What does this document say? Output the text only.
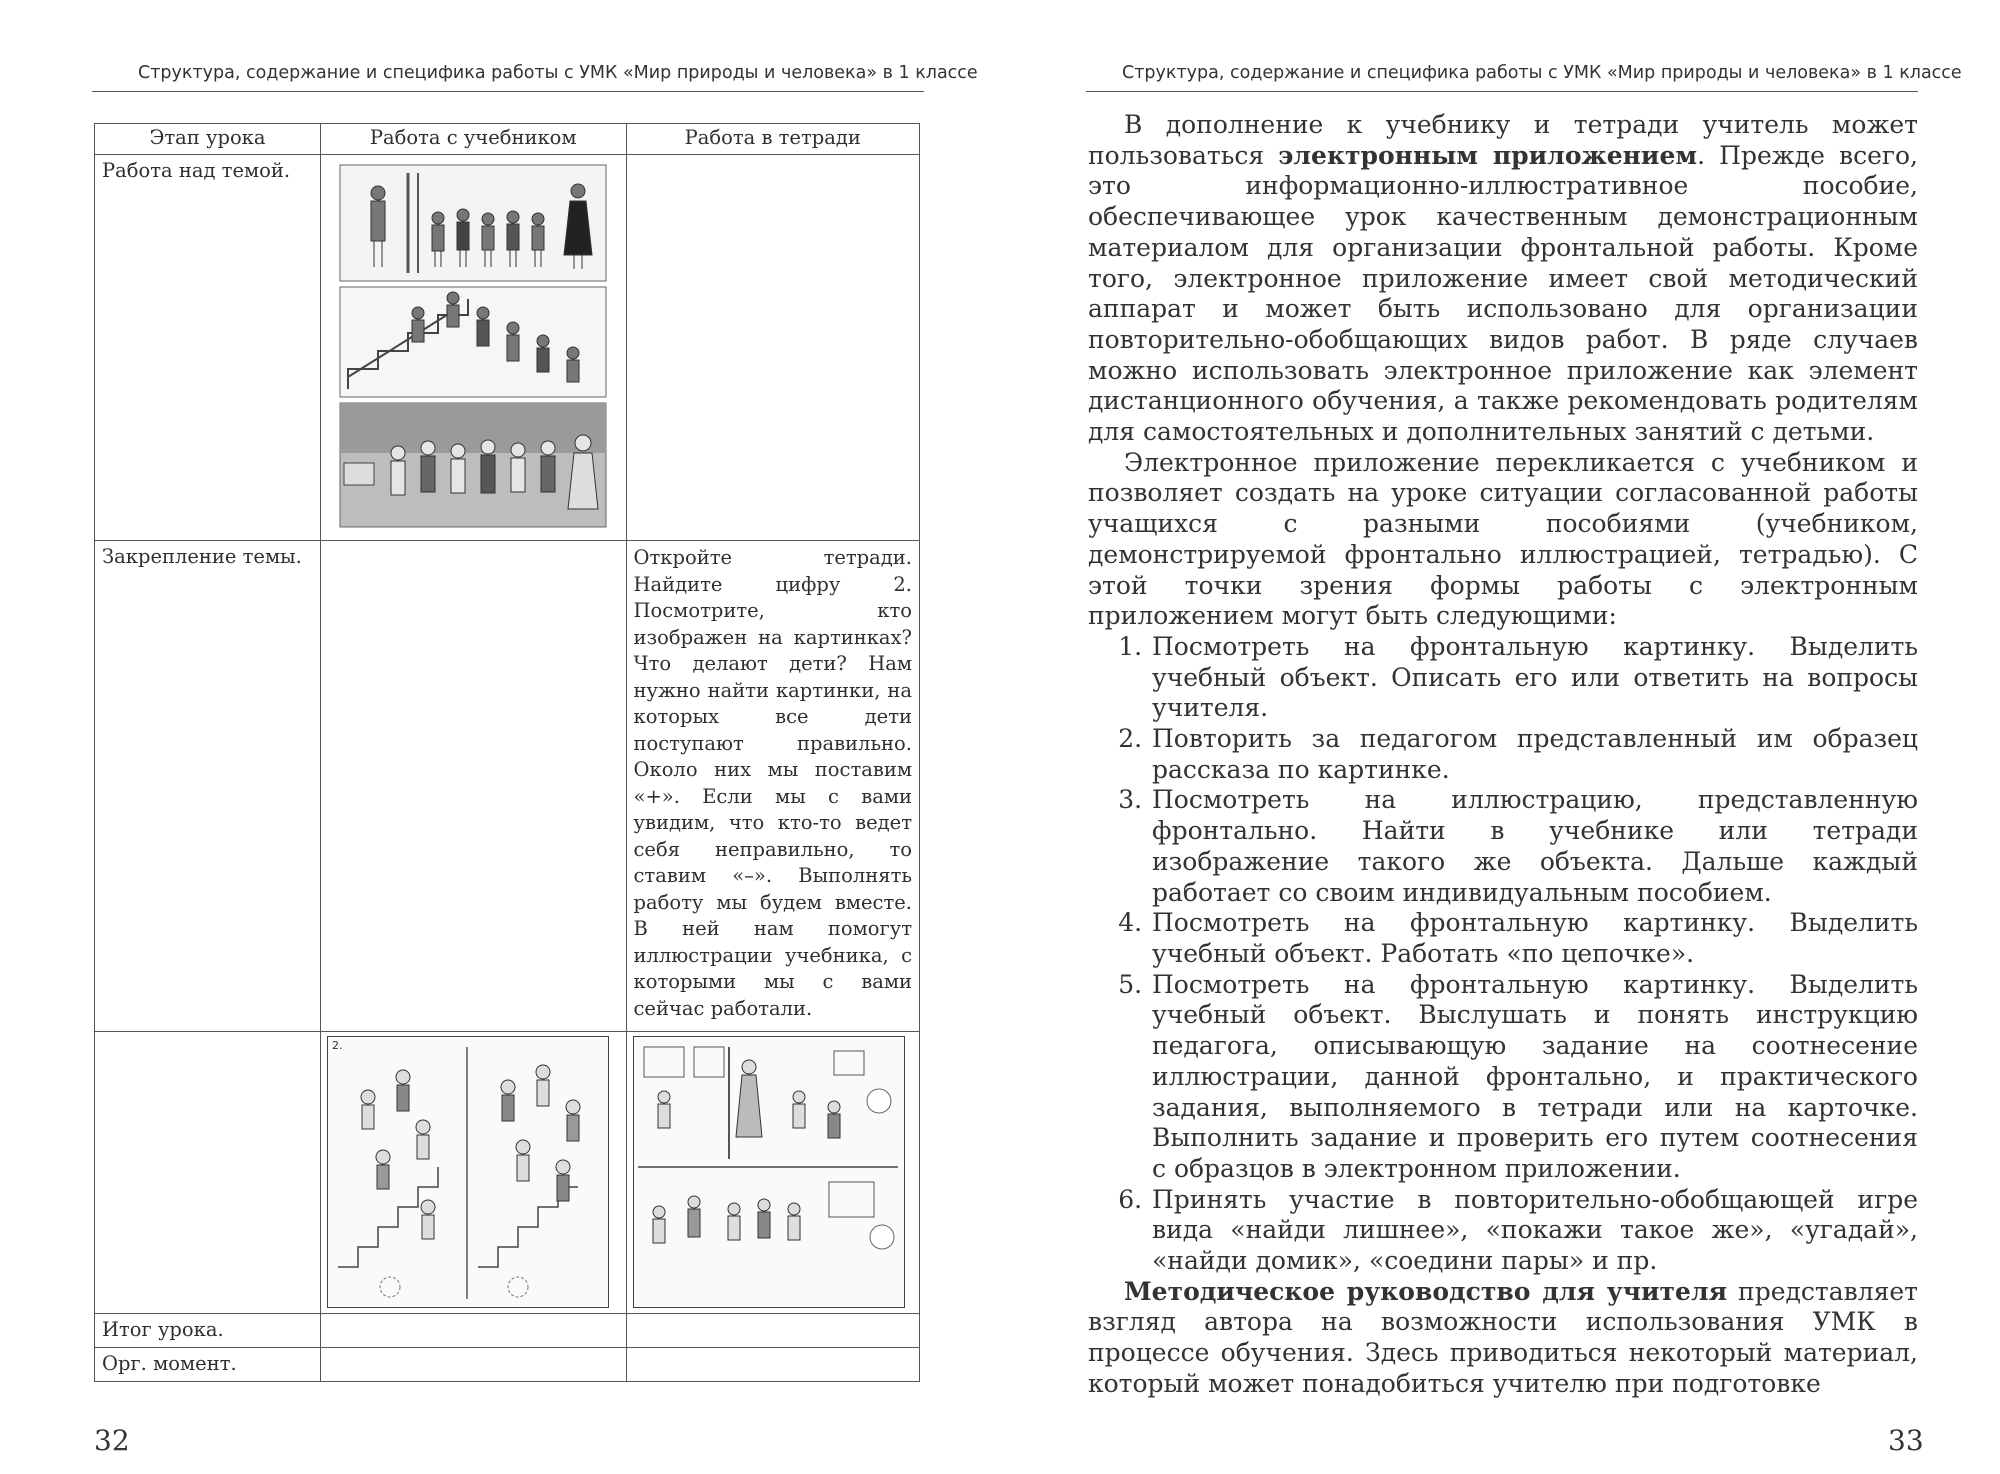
Структура, содержание и специфика работы с УМК «Мир природы и человека» в 1 классе
Этап урока	Работа с учебником	Работа в тетради
Работа над темой.	

Закрепление темы.		Откройте тетради. Найдите цифру 2. Посмотрите, кто изображен на картинках? Что делают дети? Нам нужно найти картинки, на которых все дети поступают правильно. Около них мы поставим «+». Если мы с вами увидим, что кто-то ведет себя неправильно, то ставим «–». Выполнять работу мы будем вместе. В ней нам помогут иллюстрации учебника, с которыми мы с вами сейчас работали.

	2.

Итог урока.		
Орг. момент.		
32
Структура, содержание и специфика работы с УМК «Мир природы и человека» в 1 классе

В дополнение к учебнику и тетради учитель может пользоваться электронным приложением. Прежде всего, это информационно-иллюстративное пособие, обеспечивающее урок качественным демонстрационным материалом для организации фронтальной работы. Кроме того, электронное приложение имеет свой методический аппарат и может быть использовано для организации повторительно-обобщающих видов работ. В ряде случаев можно использовать электронное приложение как элемент дистанционного обучения, а также рекомендовать родителям для самостоятельных и дополнительных занятий с детьми.

Электронное приложение перекликается с учебником и позволяет создать на уроке ситуации согласованной работы учащихся с разными пособиями (учебником, демонстрируемой фронтально иллюстрацией, тетрадью). С этой точки зрения формы работы с электронным приложением могут быть следующими:

1. Посмотреть на фронтальную картинку. Выделить учебный объект. Описать его или ответить на вопросы учителя.
2. Повторить за педагогом представленный им образец рассказа по картинке.
3. Посмотреть на иллюстрацию, представленную фронтально. Найти в учебнике или тетради изображение такого же объекта. Дальше каждый работает со своим индивидуальным пособием.
4. Посмотреть на фронтальную картинку. Выделить учебный объект. Работать «по цепочке».
5. Посмотреть на фронтальную картинку. Выделить учебный объект. Выслушать и понять инструкцию педагога, описывающую задание на соотнесение иллюстрации, данной фронтально, и практического задания, выполняемого в тетради или на карточке. Выполнить задание и проверить его путем соотнесения с образцов в электронном приложении.
6. Принять участие в повторительно-обобщающей игре вида «найди лишнее», «покажи такое же», «угадай», «найди домик», «соедини пары» и пр.

Методическое руководство для учителя представляет взгляд автора на возможности использования УМК в процессе обучения. Здесь приводиться некоторый материал, который может понадобиться учителю при подготовке

33
